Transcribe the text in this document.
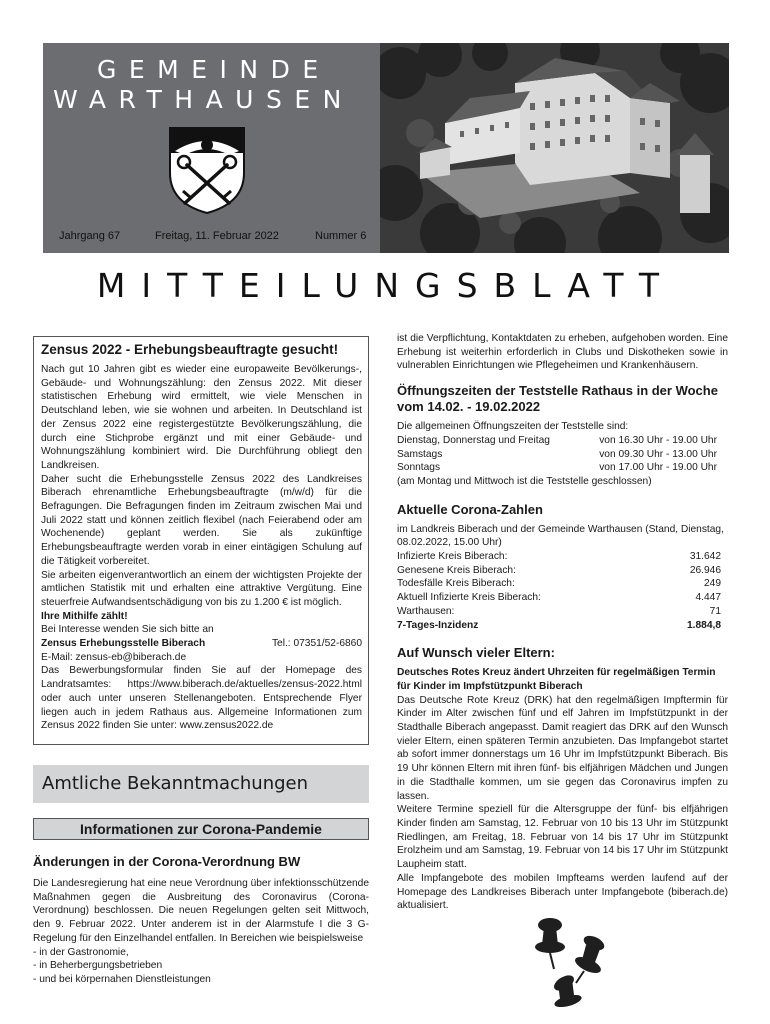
GEMEINDE
WARTHAUSEN
Jahrgang 67	Freitag, 11. Februar 2022	Nummer 6
MITTEILUNGSBLATT
Zensus 2022 - Erhebungsbeauftragte gesucht!

Nach gut 10 Jahren gibt es wieder eine europaweite Bevölkerungs-, Gebäude- und Wohnungszählung: den Zensus 2022. Mit dieser statistischen Erhebung wird ermittelt, wie viele Menschen in Deutschland leben, wie sie wohnen und arbeiten. In Deutschland ist der Zensus 2022 eine registergestützte Bevölkerungszählung, die durch eine Stichprobe ergänzt und mit einer Gebäude- und Wohnungszählung kombiniert wird. Die Durchführung obliegt den Landkreisen.

Daher sucht die Erhebungsstelle Zensus 2022 des Landkreises Biberach ehrenamtliche Erhebungsbeauftragte (m/w/d) für die Befragungen. Die Befragungen finden im Zeitraum zwischen Mai und Juli 2022 statt und können zeitlich flexibel (nach Feierabend oder am Wochenende) geplant werden. Sie als zukünftige Erhebungsbeauftragte werden vorab in einer eintägigen Schulung auf die Tätigkeit vorbereitet.

Sie arbeiten eigenverantwortlich an einem der wichtigsten Projekte der amtlichen Statistik mit und erhalten eine attraktive Vergütung. Eine steuerfreie Aufwandsentschädigung von bis zu 1.200 € ist möglich.

Ihre Mithilfe zählt!

Bei Interesse wenden Sie sich bitte an

Zensus Erhebungsstelle Biberach	Tel.: 07351/52-6860

E-Mail: zensus-eb@biberach.de

Das Bewerbungsformular finden Sie auf der Homepage des Landratsamtes: https://www.biberach.de/aktuelles/zensus-2022.html oder auch unter unseren Stellenangeboten. Entsprechende Flyer liegen auch in jedem Rathaus aus. Allgemeine Informationen zum Zensus 2022 finden Sie unter: www.zensus2022.de

Amtliche Bekanntmachungen
Informationen zur Corona-Pandemie
Änderungen in der Corona-Verordnung BW

Die Landesregierung hat eine neue Verordnung über infektionsschützende Maßnahmen gegen die Ausbreitung des Coronavirus (Corona-Verordnung) beschlossen. Die neuen Regelungen gelten seit Mittwoch, den 9. Februar 2022. Unter anderem ist in der Alarmstufe I die 3 G-Regelung für den Einzelhandel entfallen. In Bereichen wie beispielsweise

- in der Gastronomie,

- in Beherbergungsbetrieben

- und bei körpernahen Dienstleistungen

ist die Verpflichtung, Kontaktdaten zu erheben, aufgehoben worden. Eine Erhebung ist weiterhin erforderlich in Clubs und Diskotheken sowie in vulnerablen Einrichtungen wie Pflegeheimen und Krankenhäusern.

Öffnungszeiten der Teststelle Rathaus in der Woche vom 14.02. - 19.02.2022

Die allgemeinen Öffnungszeiten der Teststelle sind:

Dienstag, Donnerstag und Freitag	von 16.30 Uhr - 19.00 Uhr
Samstags	von 09.30 Uhr - 13.00 Uhr
Sonntags	von 17.00 Uhr - 19.00 Uhr

(am Montag und Mittwoch ist die Teststelle geschlossen)

Aktuelle Corona-Zahlen

im Landkreis Biberach und der Gemeinde Warthausen (Stand, Dienstag, 08.02.2022, 15.00 Uhr)

Infizierte Kreis Biberach:	31.642
Genesene Kreis Biberach:	26.946
Todesfälle Kreis Biberach:	249
Aktuell Infizierte Kreis Biberach:	4.447
Warthausen:	71
7-Tages-Inzidenz	1.884,8
Auf Wunsch vieler Eltern:
Deutsches Rotes Kreuz ändert Uhrzeiten für regelmäßigen Termin für Kinder im Impfstützpunkt Biberach

Das Deutsche Rote Kreuz (DRK) hat den regelmäßigen Impftermin für Kinder im Alter zwischen fünf und elf Jahren im Impfstützpunkt in der Stadthalle Biberach angepasst. Damit reagiert das DRK auf den Wunsch vieler Eltern, einen späteren Termin anzubieten. Das Impfangebot startet ab sofort immer donnerstags um 16 Uhr im Impfstützpunkt Biberach. Bis 19 Uhr können Eltern mit ihren fünf- bis elfjährigen Mädchen und Jungen in die Stadthalle kommen, um sie gegen das Coronavirus impfen zu lassen.

Weitere Termine speziell für die Altersgruppe der fünf- bis elfjährigen Kinder finden am Samstag, 12. Februar von 10 bis 13 Uhr im Stützpunkt Riedlingen, am Freitag, 18. Februar von 14 bis 17 Uhr im Stützpunkt Erolzheim und am Samstag, 19. Februar von 14 bis 17 Uhr im Stützpunkt Laupheim statt.

Alle Impfangebote des mobilen Impfteams werden laufend auf der Homepage des Landkreises Biberach unter Impfangebote (biberach.de) aktualisiert.
